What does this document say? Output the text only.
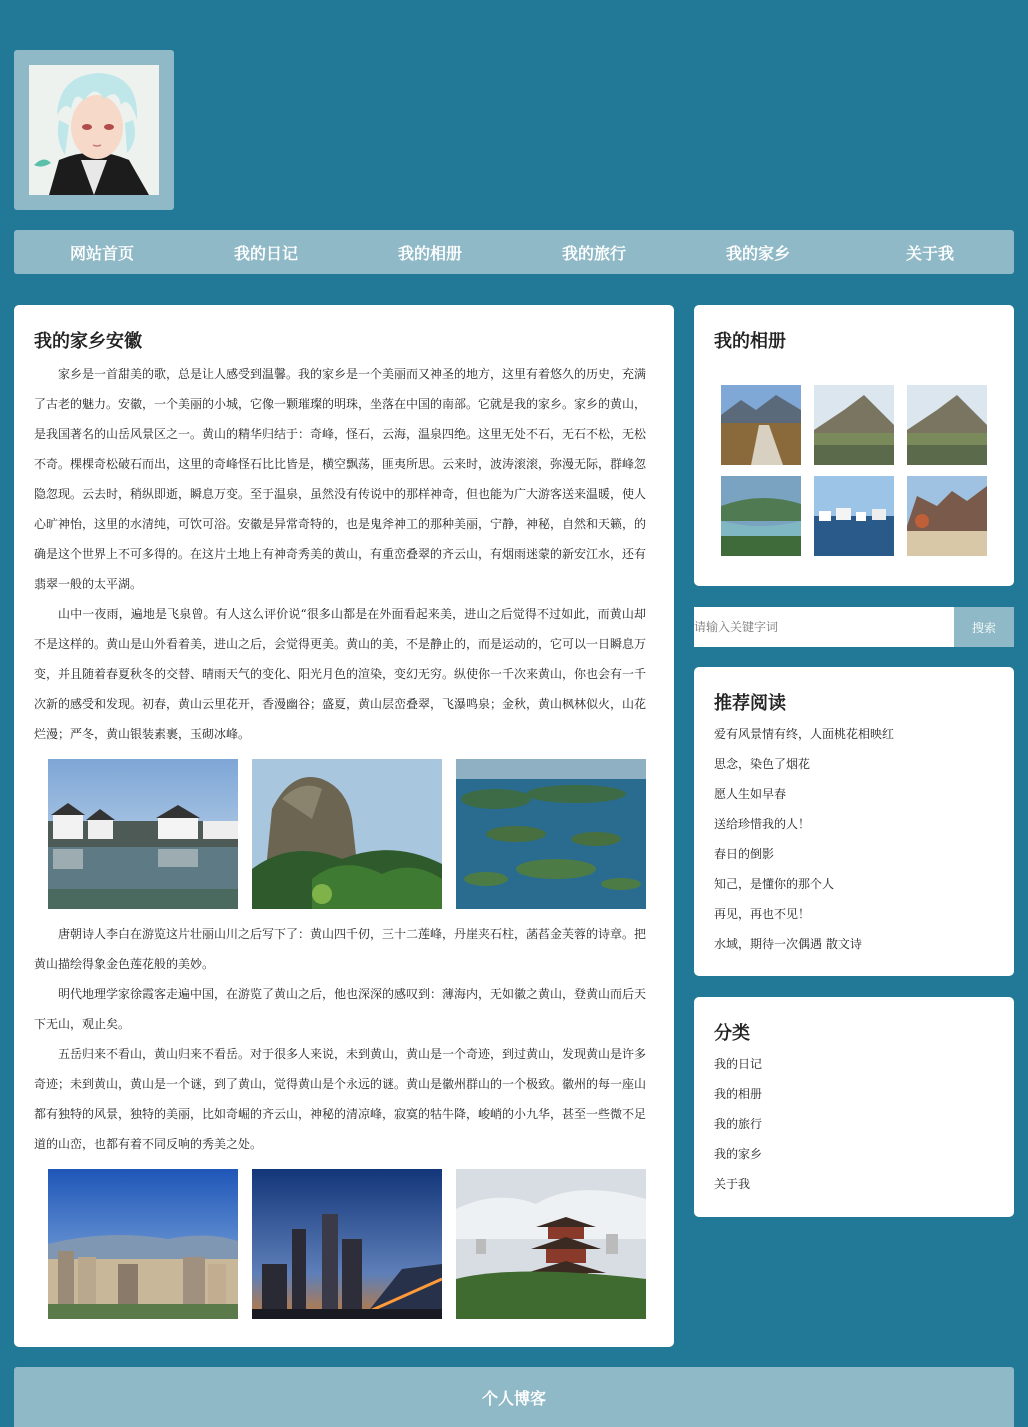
网站首页	我的日记	我的相册	我的旅行	我的家乡	关于我
我的家乡安徽

家乡是一首甜美的歌，总是让人感受到温馨。我的家乡是一个美丽而又神圣的地方，这里有着悠久的历史，充满了古老的魅力。安徽，一个美丽的小城，它像一颗璀璨的明珠，坐落在中国的南部。它就是我的家乡。家乡的黄山，是我国著名的山岳风景区之一。黄山的精华归结于：奇峰，怪石，云海，温泉四绝。这里无处不石，无石不松，无松不奇。棵棵奇松破石而出，这里的奇峰怪石比比皆是，横空飘荡，匪夷所思。云来时，波涛滚滚，弥漫无际，群峰忽隐忽现。云去时，稍纵即逝，瞬息万变。至于温泉，虽然没有传说中的那样神奇，但也能为广大游客送来温暖，使人心旷神怡，这里的水清纯，可饮可浴。安徽是异常奇特的，也是鬼斧神工的那种美丽，宁静，神秘，自然和天籁，的确是这个世界上不可多得的。在这片土地上有神奇秀美的黄山，有重峦叠翠的齐云山，有烟雨迷蒙的新安江水，还有翡翠一般的太平湖。

山中一夜雨，遍地是飞泉曾。有人这么评价说“很多山都是在外面看起来美，进山之后觉得不过如此，而黄山却不是这样的。黄山是山外看着美，进山之后，会觉得更美。黄山的美，不是静止的，而是运动的，它可以一日瞬息万变，并且随着春夏秋冬的交替、晴雨天气的变化、阳光月色的渲染，变幻无穷。纵使你一千次来黄山，你也会有一千次新的感受和发现。初春，黄山云里花开，香漫幽谷；盛夏，黄山层峦叠翠，飞瀑鸣泉；金秋，黄山枫林似火，山花烂漫；严冬，黄山银装素裹，玉砌冰峰。

唐朝诗人李白在游览这片壮丽山川之后写下了：黄山四千仞，三十二莲峰，丹崖夹石柱，菡萏金芙蓉的诗章。把黄山描绘得象金色莲花般的美妙。

明代地理学家徐霞客走遍中国，在游览了黄山之后，他也深深的感叹到：薄海内，无如徽之黄山，登黄山而后天下无山，观止矣。

五岳归来不看山，黄山归来不看岳。对于很多人来说，未到黄山，黄山是一个奇迹，到过黄山，发现黄山是许多奇迹；未到黄山，黄山是一个谜，到了黄山，觉得黄山是个永远的谜。黄山是徽州群山的一个极致。徽州的每一座山都有独特的风景，独特的美丽，比如奇崛的齐云山，神秘的清凉峰，寂寞的牯牛降，峻峭的小九华，甚至一些微不足道的山峦，也都有着不同反响的秀美之处。

我的相册
请输入关键字词
搜索
推荐阅读
爱有风景情有终，人面桃花相映红
思念，染色了烟花
愿人生如早春
送给珍惜我的人！
春日的倒影
知己，是懂你的那个人
再见，再也不见！
水域，期待一次偶遇 散文诗
分类
我的日记
我的相册
我的旅行
我的家乡
关于我
个人博客
